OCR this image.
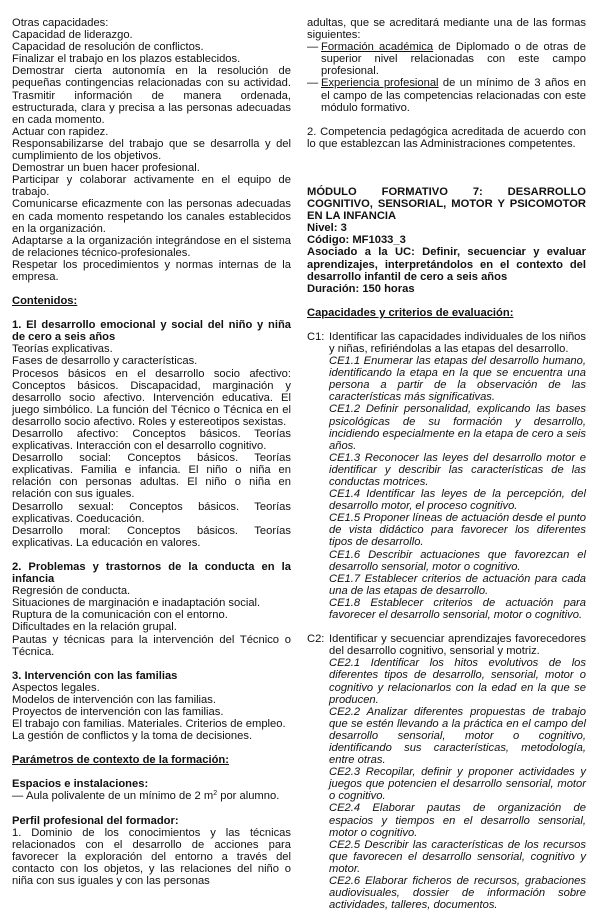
Otras capacidades:

Capacidad de liderazgo.

Capacidad de resolución de conflictos.

Finalizar el trabajo en los plazos establecidos.

Demostrar cierta autonomía en la resolución de pequeñas contingencias relacionadas con su actividad. Trasmitir información de manera ordenada, estructurada, clara y precisa a las personas adecuadas en cada momento.

Actuar con rapidez.

Responsabilizarse del trabajo que se desarrolla y del cumplimiento de los objetivos.

Demostrar un buen hacer profesional.

Participar y colaborar activamente en el equipo de trabajo.

Comunicarse eficazmente con las personas adecuadas en cada momento respetando los canales establecidos en la organización.

Adaptarse a la organización integrándose en el sistema de relaciones técnico-profesionales.

Respetar los procedimientos y normas internas de la empresa.

Contenidos:

1. El desarrollo emocional y social del niño y niña de cero a seis años

Teorías explicativas.

Fases de desarrollo y características.

Procesos básicos en el desarrollo socio afectivo: Conceptos básicos. Discapacidad, marginación y desarrollo socio afectivo. Intervención educativa. El juego simbólico. La función del Técnico o Técnica en el desarrollo socio afectivo. Roles y estereotipos sexistas.

Desarrollo afectivo: Conceptos básicos. Teorías explicativas. Interacción con el desarrollo cognitivo.

Desarrollo social: Conceptos básicos. Teorías explicativas. Familia e infancia. El niño o niña en relación con personas adultas. El niño o niña en relación con sus iguales.

Desarrollo sexual: Conceptos básicos. Teorías explicativas. Coeducación.

Desarrollo moral: Conceptos básicos. Teorías explicativas. La educación en valores.

2. Problemas y trastornos de la conducta en la infancia

Regresión de conducta.

Situaciones de marginación e inadaptación social.

Ruptura de la comunicación con el entorno.

Dificultades en la relación grupal.

Pautas y técnicas para la intervención del Técnico o Técnica.

3. Intervención con las familias

Aspectos legales.

Modelos de intervención con las familias.

Proyectos de intervención con las familias.

El trabajo con familias. Materiales. Criterios de empleo.

La gestión de conflictos y la toma de decisiones.

Parámetros de contexto de la formación:

Espacios e instalaciones:

— Aula polivalente de un mínimo de 2 $m^2$ por alumno.

Perfil profesional del formador:

1. Dominio de los conocimientos y las técnicas relacionados con el desarrollo de acciones para favorecer la exploración del entorno a través del contacto con los objetos, y las relaciones del niño o niña con sus iguales y con las personas

adultas, que se acreditará mediante una de las formas siguientes:

— Formación académica de Diplomado o de otras de superior nivel relacionadas con este campo profesional.
— Experiencia profesional de un mínimo de 3 años en el campo de las competencias relacionadas con este módulo formativo.

2. Competencia pedagógica acreditada de acuerdo con lo que establezcan las Administraciones competentes.

MÓDULO FORMATIVO 7: DESARROLLO COGNITIVO, SENSORIAL, MOTOR Y PSICOMOTOR EN LA INFANCIA

Nivel: 3

Código: MF1033_3

Asociado a la UC: Definir, secuenciar y evaluar aprendizajes, interpretándolos en el contexto del desarrollo infantil de cero a seis años

Duración: 150 horas

Capacidades y criterios de evaluación:

C1: Identificar las capacidades individuales de los niños y niñas, refiriéndolas a las etapas del desarrollo.

CE1.1 Enumerar las etapas del desarrollo humano, identificando la etapa en la que se encuentra una persona a partir de la observación de las características más significativas.

CE1.2 Definir personalidad, explicando las bases psicológicas de su formación y desarrollo, incidiendo especialmente en la etapa de cero a seis años.

CE1.3 Reconocer las leyes del desarrollo motor e identificar y describir las características de las conductas motrices.

CE1.4 Identificar las leyes de la percepción, del desarrollo motor, el proceso cognitivo.

CE1.5 Proponer líneas de actuación desde el punto de vista didáctico para favorecer los diferentes tipos de desarrollo.

CE1.6 Describir actuaciones que favorezcan el desarrollo sensorial, motor o cognitivo.

CE1.7 Establecer criterios de actuación para cada una de las etapas de desarrollo.

CE1.8 Establecer criterios de actuación para favorecer el desarrollo sensorial, motor o cognitivo.

C2: Identificar y secuenciar aprendizajes favorecedores del desarrollo cognitivo, sensorial y motriz.

CE2.1 Identificar los hitos evolutivos de los diferentes tipos de desarrollo, sensorial, motor o cognitivo y relacionarlos con la edad en la que se producen.

CE2.2 Analizar diferentes propuestas de trabajo que se estén llevando a la práctica en el campo del desarrollo sensorial, motor o cognitivo, identificando sus características, metodología, entre otras.

CE2.3 Recopilar, definir y proponer actividades y juegos que potencien el desarrollo sensorial, motor o cognitivo.

CE2.4 Elaborar pautas de organización de espacios y tiempos en el desarrollo sensorial, motor o cognitivo.

CE2.5 Describir las características de los recursos que favorecen el desarrollo sensorial, cognitivo y motor.

CE2.6 Elaborar ficheros de recursos, grabaciones audiovisuales, dossier de información sobre actividades, talleres, documentos.
